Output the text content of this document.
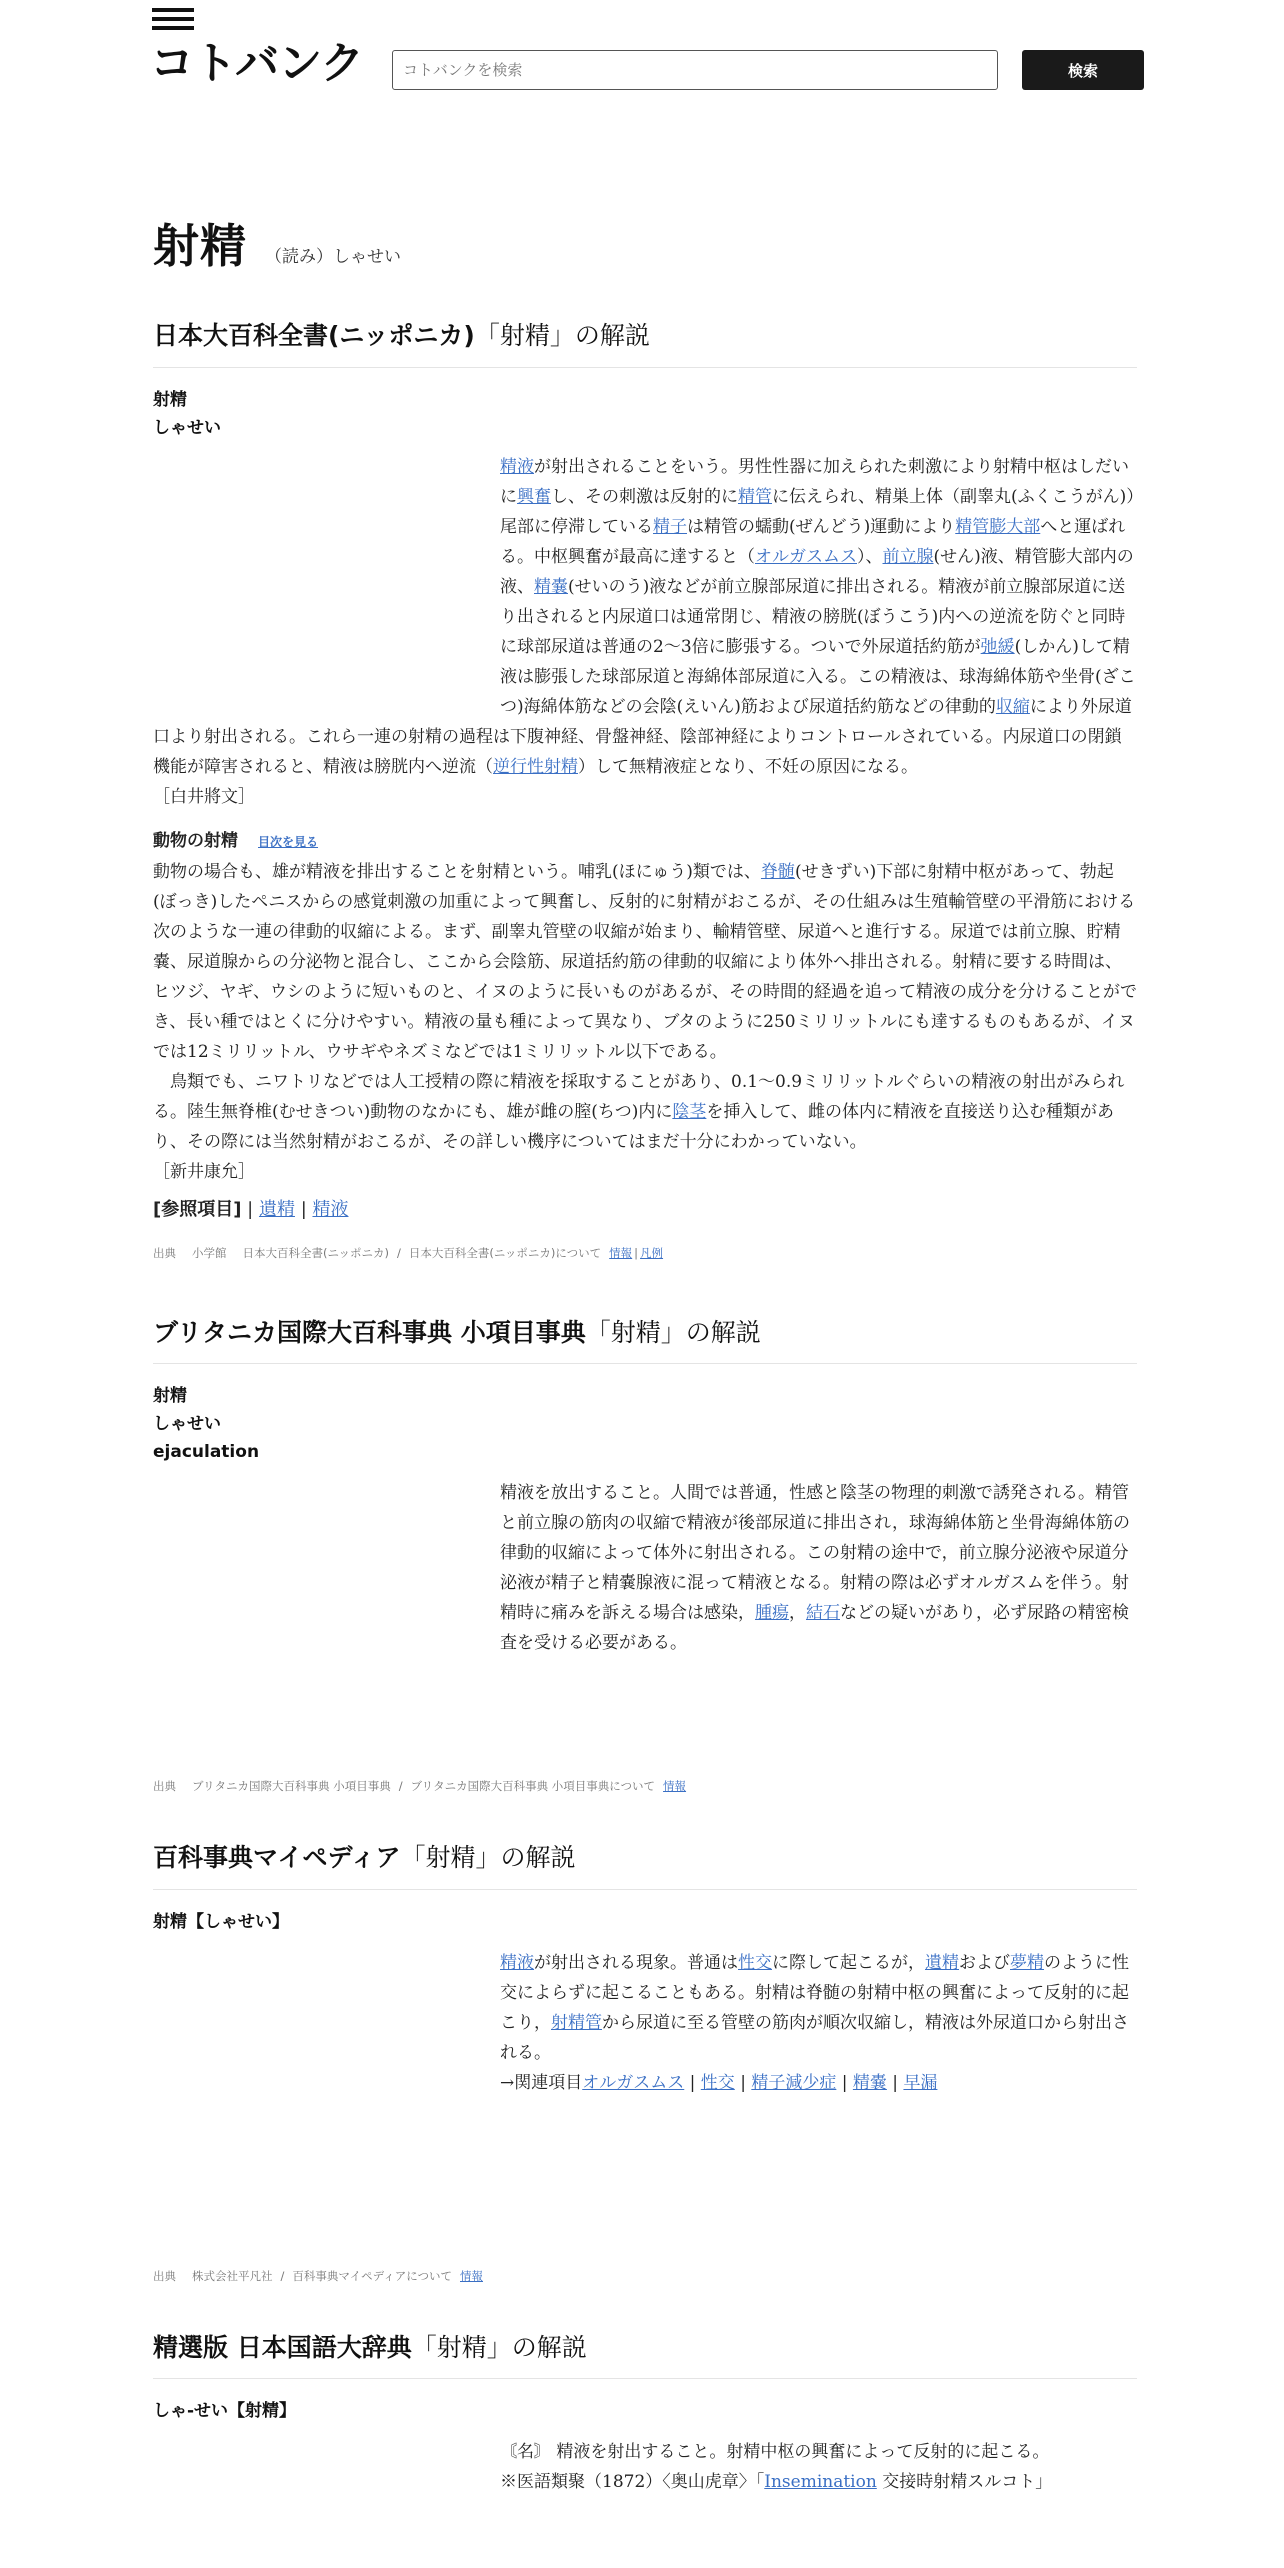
コトバンク
コトバンクを検索	検索
射精 （読み）しゃせい
日本大百科全書(ニッポニカ)「射精」の解説
射精
しゃせい
精液が射出されることをいう。男性性器に加えられた刺激により射精中枢はしだいに興奮し、その刺激は反射的に精管に伝えられ、精巣上体（副睾丸(ふくこうがん)）尾部に停滞している精子は精管の蠕動(ぜんどう)運動により精管膨大部へと運ばれる。中枢興奮が最高に達すると（オルガスムス）、前立腺(せん)液、精管膨大部内の液、精嚢(せいのう)液などが前立腺部尿道に排出される。精液が前立腺部尿道に送り出されると内尿道口は通常閉じ、精液の膀胱(ぼうこう)内への逆流を防ぐと同時に球部尿道は普通の2～3倍に膨張する。ついで外尿道括約筋が弛緩(しかん)して精液は膨張した球部尿道と海綿体部尿道に入る。この精液は、球海綿体筋や坐骨(ざこつ)海綿体筋などの会陰(えいん)筋および尿道括約筋などの律動的収縮により外尿道口より射出される。これら一連の射精の過程は下腹神経、骨盤神経、陰部神経によりコントロールされている。内尿道口の閉鎖機能が障害されると、精液は膀胱内へ逆流（逆行性射精）して無精液症となり、不妊の原因になる。
［白井將文］
動物の射精 目次を見る
動物の場合も、雄が精液を排出することを射精という。哺乳(ほにゅう)類では、脊髄(せきずい)下部に射精中枢があって、勃起(ぼっき)したペニスからの感覚刺激の加重によって興奮し、反射的に射精がおこるが、その仕組みは生殖輸管壁の平滑筋における次のような一連の律動的収縮による。まず、副睾丸管壁の収縮が始まり、輸精管壁、尿道へと進行する。尿道では前立腺、貯精嚢、尿道腺からの分泌物と混合し、ここから会陰筋、尿道括約筋の律動的収縮により体外へ排出される。射精に要する時間は、ヒツジ、ヤギ、ウシのように短いものと、イヌのように長いものがあるが、その時間的経過を追って精液の成分を分けることができ、長い種ではとくに分けやすい。精液の量も種によって異なり、ブタのように250ミリリットルにも達するものもあるが、イヌでは12ミリリットル、ウサギやネズミなどでは1ミリリットル以下である。
鳥類でも、ニワトリなどでは人工授精の際に精液を採取することがあり、0.1～0.9ミリリットルぐらいの精液の射出がみられる。陸生無脊椎(むせきつい)動物のなかにも、雄が雌の膣(ちつ)内に陰茎を挿入して、雌の体内に精液を直接送り込む種類があり、その際には当然射精がおこるが、その詳しい機序についてはまだ十分にわかっていない。
［新井康允］
[参照項目] | 遺精 | 精液
出典 小学館 日本大百科全書(ニッポニカ) / 日本大百科全書(ニッポニカ)について 情報 | 凡例
ブリタニカ国際大百科事典 小項目事典「射精」の解説
射精
しゃせい
ejaculation
精液を放出すること。人間では普通，性感と陰茎の物理的刺激で誘発される。精管と前立腺の筋肉の収縮で精液が後部尿道に排出され，球海綿体筋と坐骨海綿体筋の律動的収縮によって体外に射出される。この射精の途中で，前立腺分泌液や尿道分泌液が精子と精嚢腺液に混って精液となる。射精の際は必ずオルガスムを伴う。射精時に痛みを訴える場合は感染，腫瘍，結石などの疑いがあり，必ず尿路の精密検査を受ける必要がある。
出典 ブリタニカ国際大百科事典 小項目事典 / ブリタニカ国際大百科事典 小項目事典について 情報
百科事典マイペディア「射精」の解説
射精【しゃせい】
精液が射出される現象。普通は性交に際して起こるが，遺精および夢精のように性交によらずに起こることもある。射精は脊髄の射精中枢の興奮によって反射的に起こり，射精管から尿道に至る管壁の筋肉が順次収縮し，精液は外尿道口から射出される。
→関連項目オルガスムス | 性交 | 精子減少症 | 精嚢 | 早漏
出典 株式会社平凡社 / 百科事典マイペディアについて 情報
精選版 日本国語大辞典「射精」の解説
しゃ‐せい【射精】
〘名〙 精液を射出すること。射精中枢の興奮によって反射的に起こる。
※医語類聚（1872）〈奥山虎章〉「Insemination 交接時射精スルコト」
